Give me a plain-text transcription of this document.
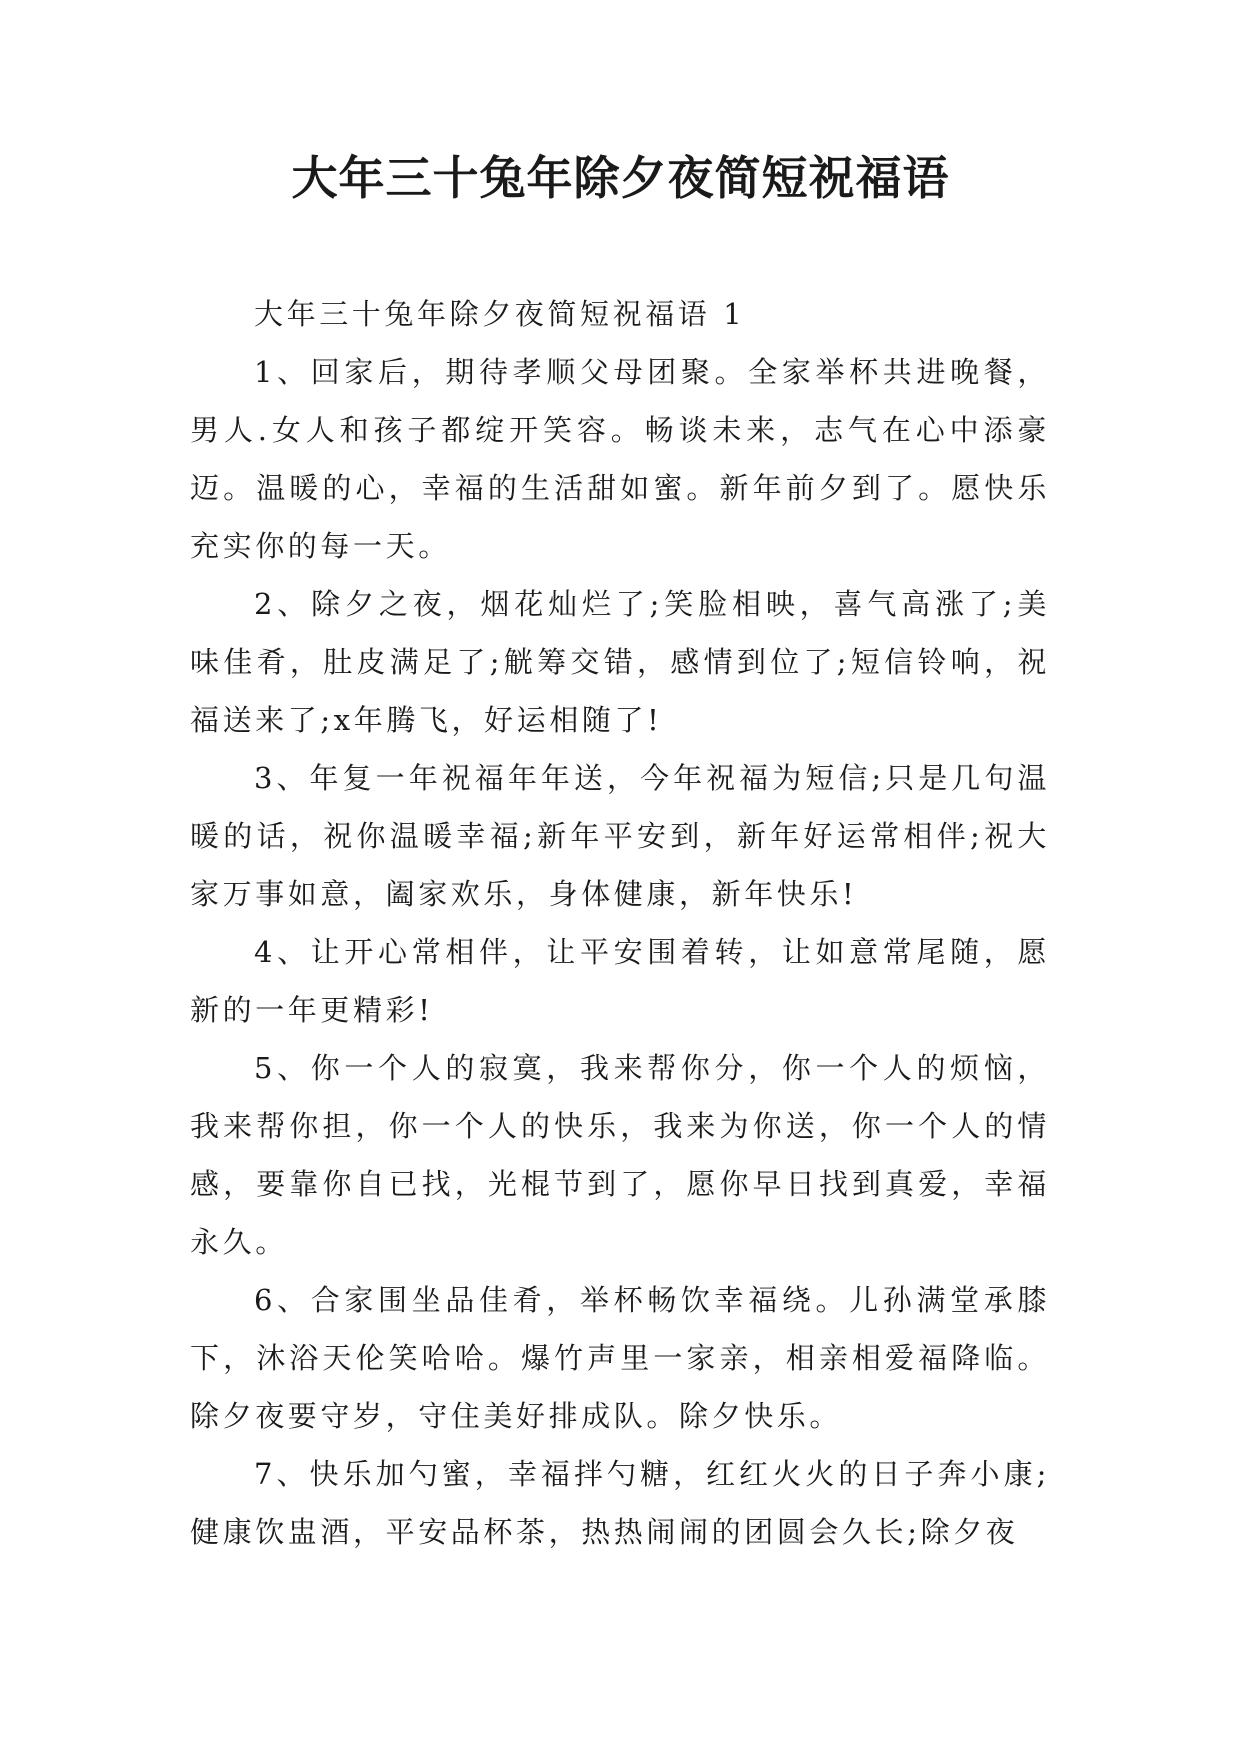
大年三十兔年除夕夜简短祝福语

大年三十兔年除夕夜简短祝福语 1

1、回家后，期待孝顺父母团聚。全家举杯共进晚餐，男人.女人和孩子都绽开笑容。畅谈未来，志气在心中添豪迈。温暖的心，幸福的生活甜如蜜。新年前夕到了。愿快乐充实你的每一天。

2、除夕之夜，烟花灿烂了;笑脸相映，喜气高涨了;美味佳肴，肚皮满足了;觥筹交错，感情到位了;短信铃响，祝福送来了;x年腾飞，好运相随了!

3、年复一年祝福年年送，今年祝福为短信;只是几句温暖的话，祝你温暖幸福;新年平安到，新年好运常相伴;祝大家万事如意，阖家欢乐，身体健康，新年快乐!

4、让开心常相伴，让平安围着转，让如意常尾随，愿新的一年更精彩!

5、你一个人的寂寞，我来帮你分，你一个人的烦恼，我来帮你担，你一个人的快乐，我来为你送，你一个人的情感，要靠你自已找，光棍节到了，愿你早日找到真爱，幸福永久。

6、合家围坐品佳肴，举杯畅饮幸福绕。儿孙满堂承膝下，沐浴天伦笑哈哈。爆竹声里一家亲，相亲相爱福降临。除夕夜要守岁，守住美好排成队。除夕快乐。

7、快乐加勺蜜，幸福拌勺糖，红红火火的日子奔小康;健康饮盅酒，平安品杯茶，热热闹闹的团圆会久长;除夕夜
